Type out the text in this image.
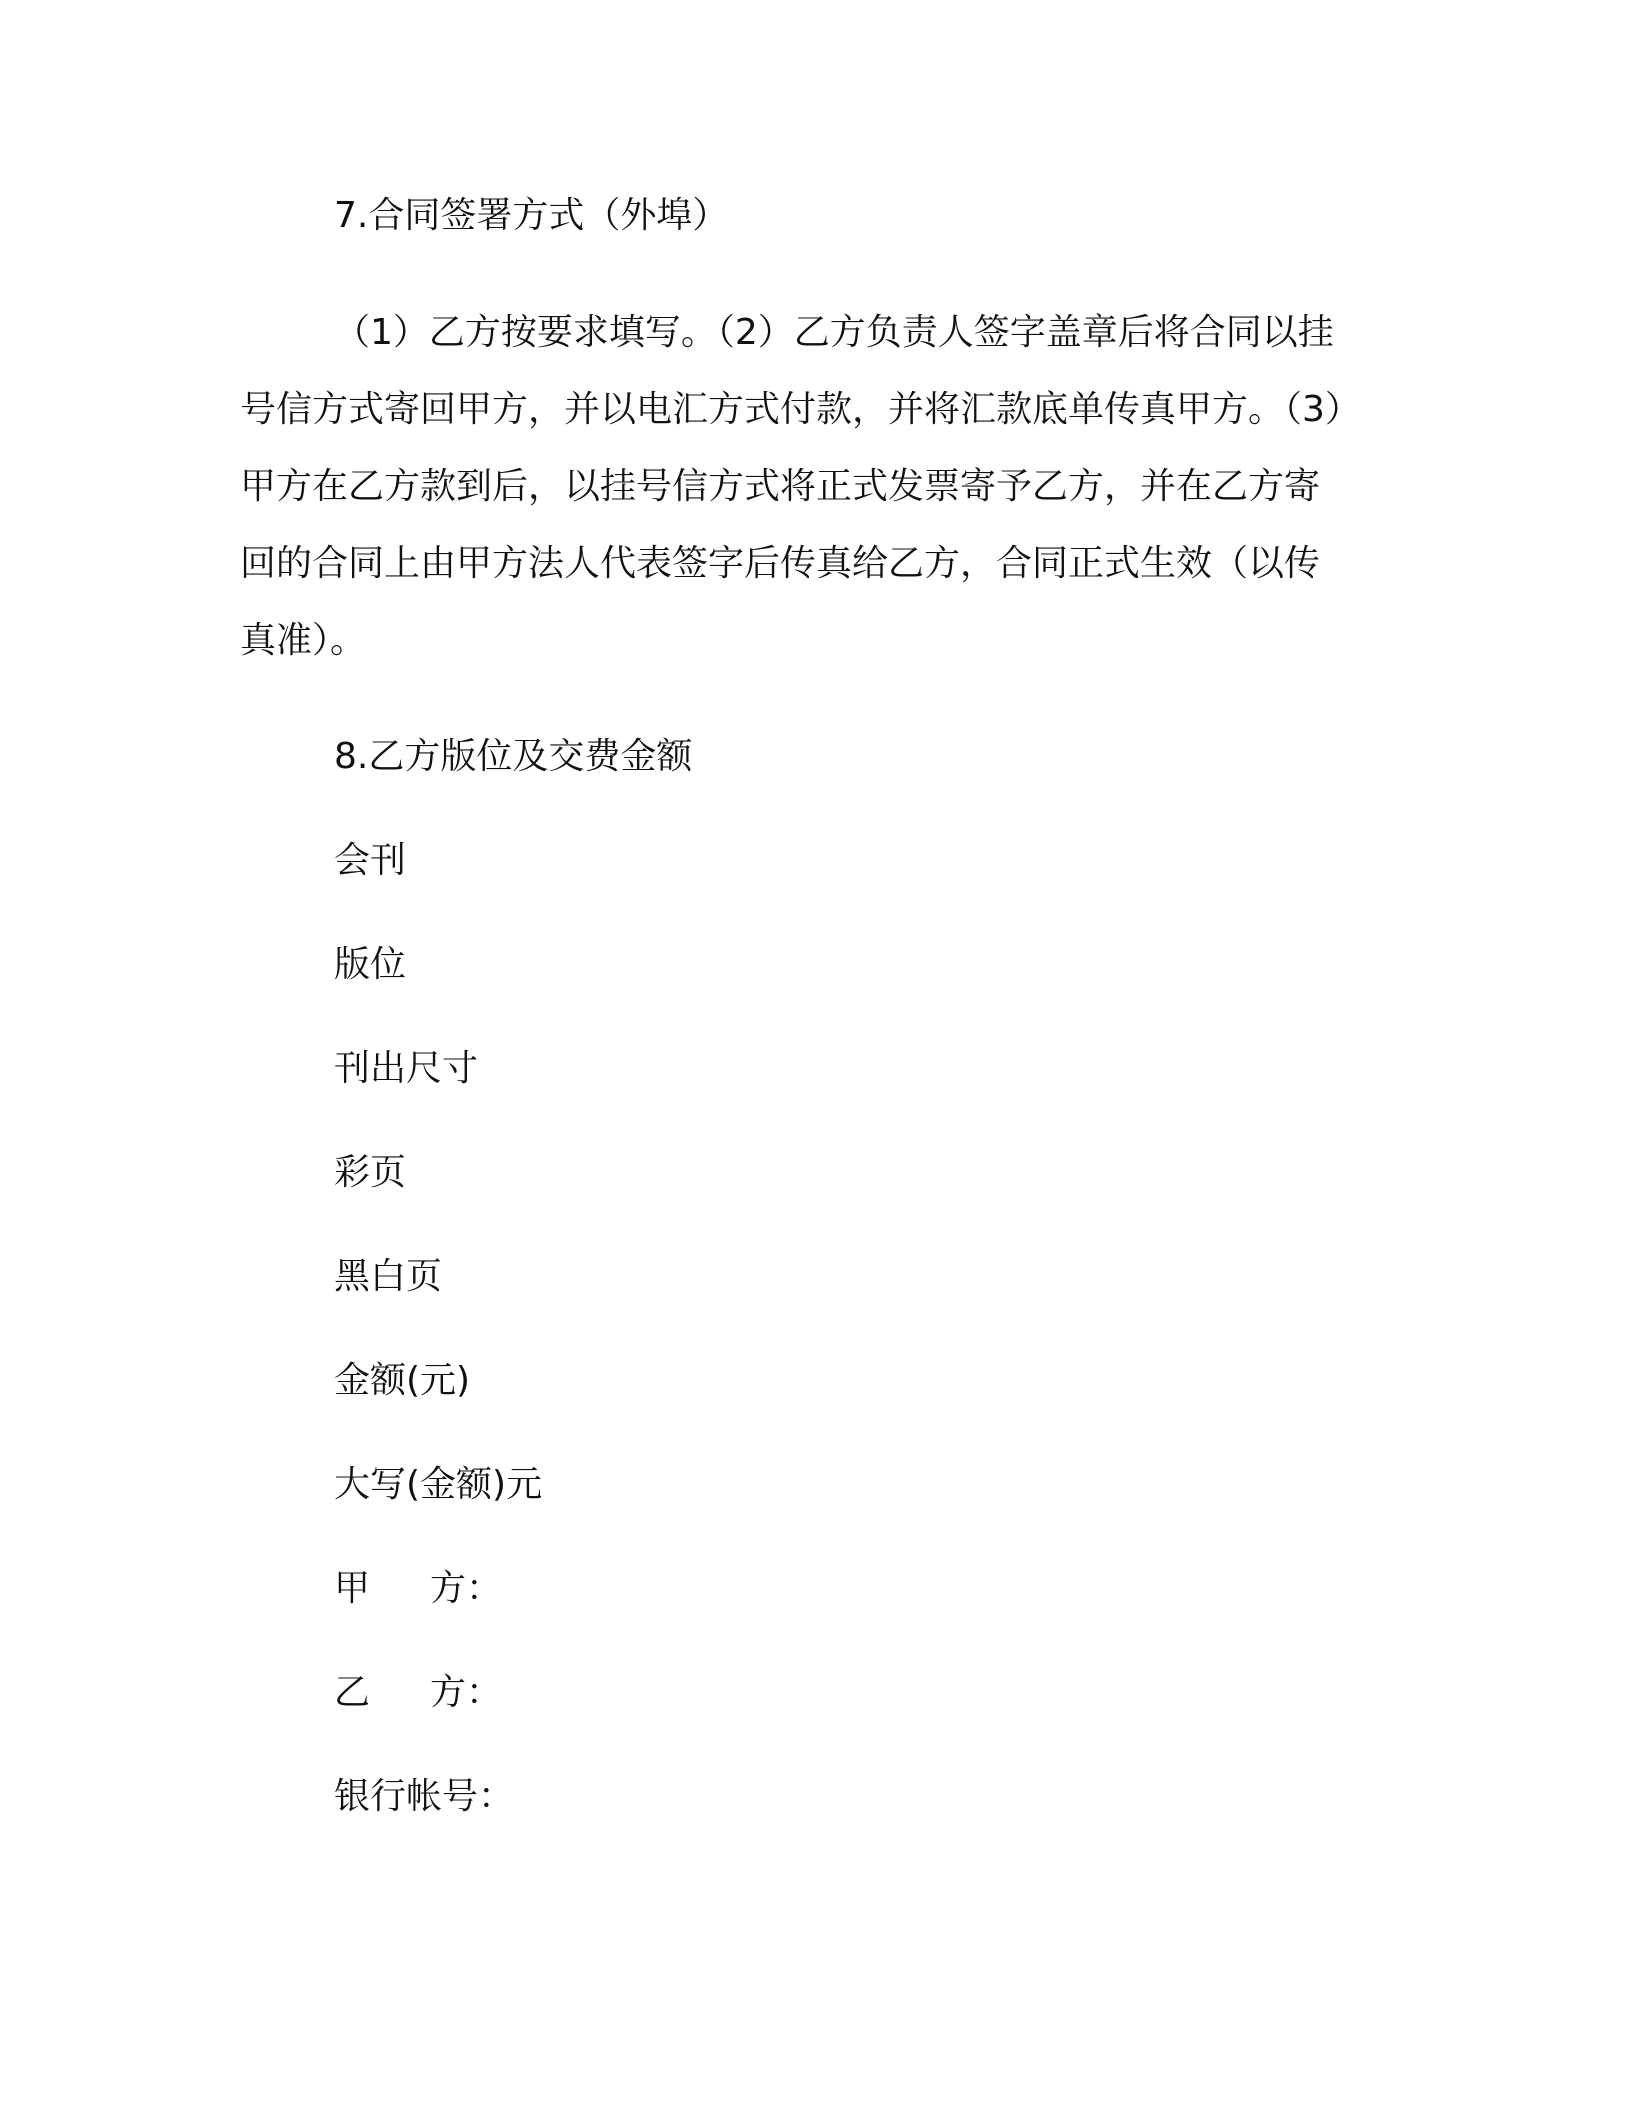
7.合同签署方式（外埠）
（1）乙方按要求填写。（2）乙方负责人签字盖章后将合同以挂
号信方式寄回甲方，并以电汇方式付款，并将汇款底单传真甲方。（3）
甲方在乙方款到后，以挂号信方式将正式发票寄予乙方，并在乙方寄
回的合同上由甲方法人代表签字后传真给乙方，合同正式生效（以传
真准）。
8.乙方版位及交费金额
会刊
版位
刊出尺寸
彩页
黑白页
金额(元)
大写(金额)元
甲 方：
乙 方：
银行帐号：
